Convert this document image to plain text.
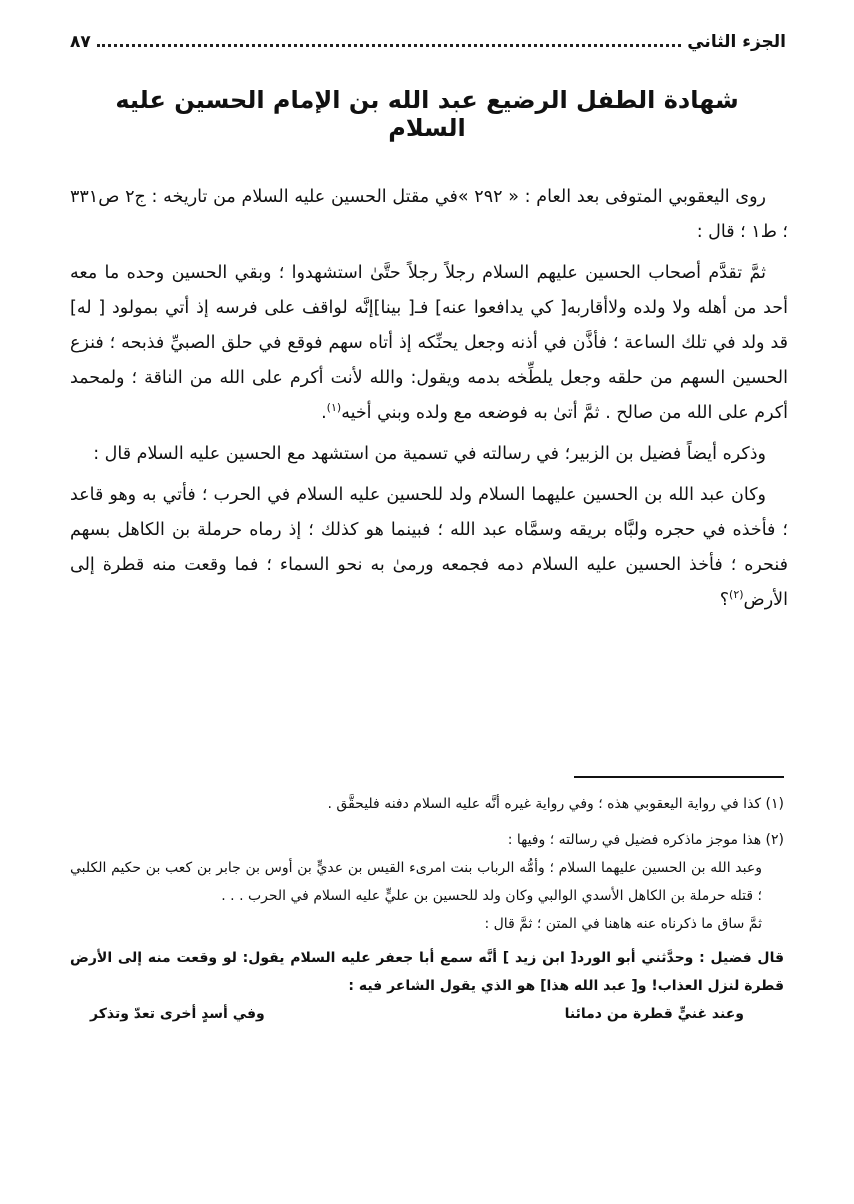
الجزء الثاني
٨٧
شهادة الطفل الرضيع عبد الله بن الإمام الحسين عليه السلام

روى اليعقوبي المتوفى بعد العام : « ٢٩٢ »في مقتل الحسين عليه السلام من تاريخه : ج٢ ص٣٣١ ؛ ط١ ؛ قال :

ثمَّ تقدَّم أصحاب الحسين عليهم السلام رجلاً رجلاً حتَّىٰ استشهدوا ؛ وبقي الحسين وحده ما معه أحد من أهله ولا ولده ولاأقاربه[ كي يدافعوا عنه] فـ[ بينا]إنَّه لواقف على فرسه إذ أتي بمولود [ له] قد ولد في تلك الساعة ؛ فأذَّن في أذنه وجعل يحنِّكه إذ أتاه سهم فوقع في حلق الصبيِّ فذبحه ؛ فنزع الحسين السهم من حلقه وجعل يلطِّخه بدمه ويقول: والله لأنت أكرم على الله من الناقة ؛ ولمحمد أكرم على الله من صالح . ثمَّ أتىٰ به فوضعه مع ولده وبني أخيه$^{(١)}$.

وذكره أيضاً فضيل بن الزبير؛ في رسالته في تسمية من استشهد مع الحسين عليه السلام قال :

وكان عبد الله بن الحسين عليهما السلام ولد للحسين عليه السلام في الحرب ؛ فأتي به وهو قاعد ؛ فأخذه في حجره ولبَّاه بريقه وسمَّاه عبد الله ؛ فبينما هو كذلك ؛ إذ رماه حرملة بن الكاهل بسهم فنحره ؛ فأخذ الحسين عليه السلام دمه فجمعه ورمىٰ به نحو السماء ؛ فما وقعت منه قطرة إلى الأرض$^{(٢)}$؟

(١) كذا في رواية اليعقوبي هذه ؛ وفي رواية غيره أنَّه عليه السلام دفنه فليحقَّق .

(٢) هذا موجز ماذكره فضيل في رسالته ؛ وفيها :

وعبد الله بن الحسين عليهما السلام ؛ وأمُّه الرباب بنت امرىء القيس بن عديٍّ بن أوس بن جابر بن كعب بن حكيم الكلبي ؛ قتله حرملة بن الكاهل الأسدي الوالبي وكان ولد للحسين بن عليٍّ عليه السلام في الحرب . . .

ثمَّ ساق ما ذكرناه عنه هاهنا في المتن ؛ ثمَّ قال :

قال فضيل : وحدَّثني أبو الورد[ ابن زيد ] أنَّه سمع أبا جعفر عليه السلام يقول: لو وقعت منه إلى الأرض قطرة لنزل العذاب! و[ عبد الله هذا] هو الذي يقول الشاعر فيه :

وعند غنيٍّ قطرة من دمائنا
وفي أسدٍ أخرى تعدّ وتذكر
